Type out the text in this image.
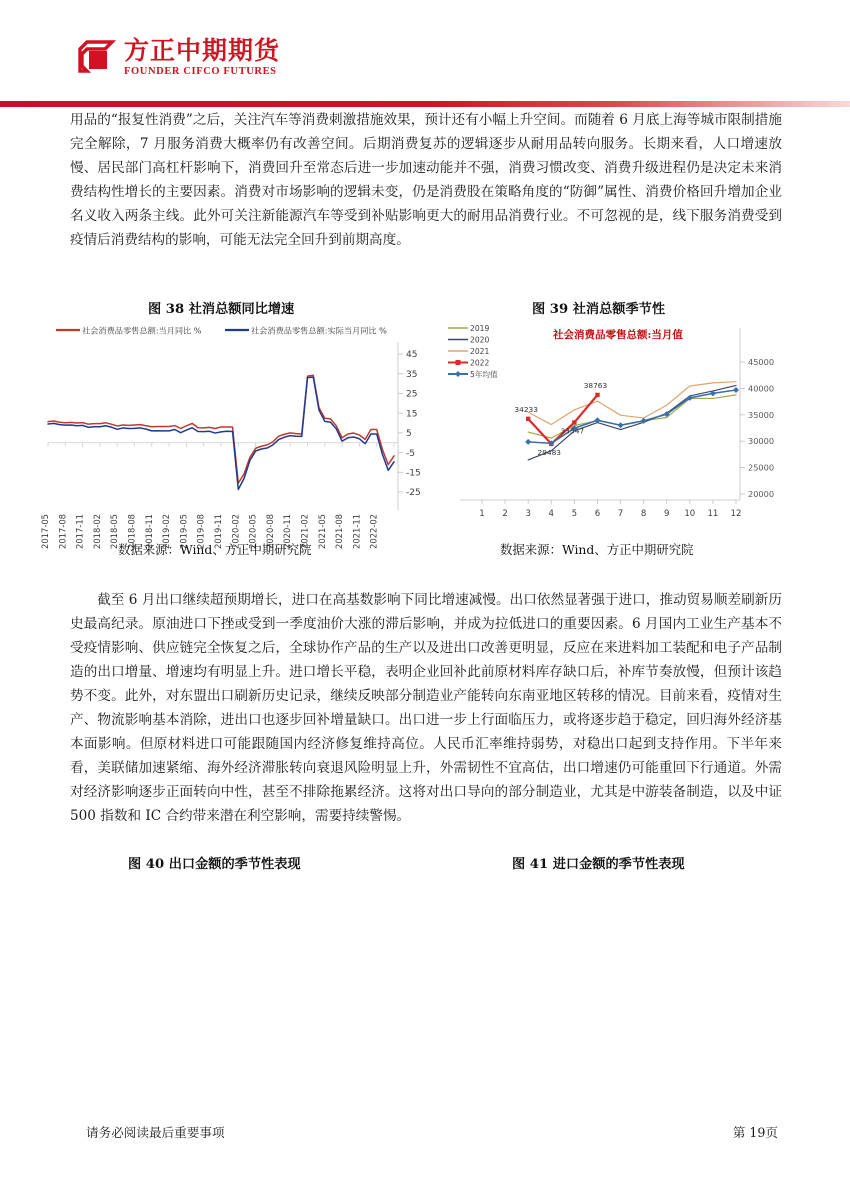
方正中期期货
FOUNDER CIFCO FUTURES
用品的“报复性消费”之后，关注汽车等消费刺激措施效果，预计还有小幅上升空间。而随着 6 月底上海等城市限制措施完全解除，7 月服务消费大概率仍有改善空间。后期消费复苏的逻辑逐步从耐用品转向服务。长期来看，人口增速放慢、居民部门高杠杆影响下，消费回升至常态后进一步加速动能并不强，消费习惯改变、消费升级进程仍是决定未来消费结构性增长的主要因素。消费对市场影响的逻辑未变，仍是消费股在策略角度的“防御”属性、消费价格回升增加企业名义收入两条主线。此外可关注新能源汽车等受到补贴影响更大的耐用品消费行业。不可忽视的是，线下服务消费受到疫情后消费结构的影响，可能无法完全回升到前期高度。
图 38 社消总额同比增速
社会消费品零售总额:当月同比 %	社会消费品零售总额:实际当月同比 %
45
35
25
15
5
-5
-15
-25
2017-05 2017-08 2017-11 2018-02 2018-05 2018-08 2018-11 2019-02 2019-05 2019-08 2019-11 2020-02 2020-05 2020-08 2020-11 2021-02 2021-05 2021-08 2021-11 2022-02
图 39 社消总额季节性
社会消费品零售总额:当月值
2019
2020
2021
2022
5年均值
20000
25000
30000
35000
40000
45000
1 2 3 4 5 6 7 8 9 10 11 12
34233
29483
33547
38763
数据来源：Wind、方正中期研究院	数据来源：Wind、方正中期研究院
截至 6 月出口继续超预期增长，进口在高基数影响下同比增速减慢。出口依然显著强于进口，推动贸易顺差刷新历史最高纪录。原油进口下挫或受到一季度油价大涨的滞后影响，并成为拉低进口的重要因素。6 月国内工业生产基本不受疫情影响、供应链完全恢复之后，全球协作产品的生产以及进出口改善更明显，反应在来进料加工装配和电子产品制造的出口增量、增速均有明显上升。进口增长平稳，表明企业回补此前原材料库存缺口后，补库节奏放慢，但预计该趋势不变。此外，对东盟出口刷新历史记录，继续反映部分制造业产能转向东南亚地区转移的情况。目前来看，疫情对生产、物流影响基本消除，进出口也逐步回补增量缺口。出口进一步上行面临压力，或将逐步趋于稳定，回归海外经济基本面影响。但原材料进口可能跟随国内经济修复维持高位。人民币汇率维持弱势，对稳出口起到支持作用。下半年来看，美联储加速紧缩、海外经济滞胀转向衰退风险明显上升，外需韧性不宜高估，出口增速仍可能重回下行通道。外需对经济影响逐步正面转向中性，甚至不排除拖累经济。这将对出口导向的部分制造业，尤其是中游装备制造，以及中证 500 指数和 IC 合约带来潜在利空影响，需要持续警惕。
图 40 出口金额的季节性表现	图 41 进口金额的季节性表现
请务必阅读最后重要事项	第 19页
